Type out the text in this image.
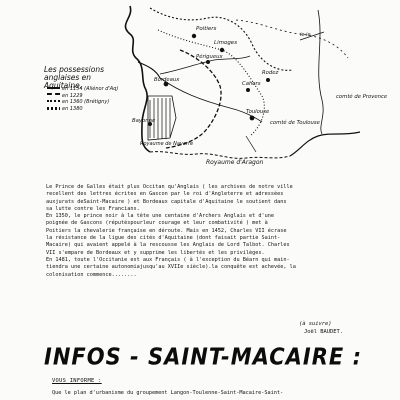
Poitiers
Limoges
Périgueux
Cahors
Rodez
Toulouse
Bordeaux
Bayonne
Royaume de Navarre
Royaume d'Aragon
comté de Toulouse
comté de Provence
ie ie
Les possessions anglaises en Aquitaine.
en 1154 (Aliénor d'Aq)
en 1229
en 1360 (Brétigny)
en 1380

Le Prince de Galles était plus Occitan qu'Anglais ( les archives de notre ville

recellent des lettres écrites en Gascon par le roi d'Angleterre et adressées

auxjurats deSaint-Macaire ) et Bordeaux capitale d'Aquitaine le soutient dans

sa lutte contre les Francians.

En 1350, le prince noir à la tête une centaine d'Archers Anglais et d'une

poignée de Gascons (réputéspourleur courage et leur combativité ) met à

Poitiers la chevalerie française en déroute. Mais en 1452, Charles VII écrase

la résistance de la ligue des cités d'Aquitaine (dont faisait partie Saint-

Macaire) qui avaient appelé à la rescousse les Anglais de Lord Talbot. Charles

VII s'empare de Bordeaux et y supprime les libertés et les privilèges.

En 1481, toute l'Occitanie est aux Français ( à l'exception du Béarn qui main-

tiendra une certaine autonomiajusqu'au XVIIe siècle).la conquête est achevée, la

colonisation commence........

(à suivre)
Joël BAUDET.
INFOS - SAINT-MACAIRE :
VOUS INFORME :
Que le plan d'urbanisme du groupement Langon-Toulenne-Saint-Macaire-Saint-
